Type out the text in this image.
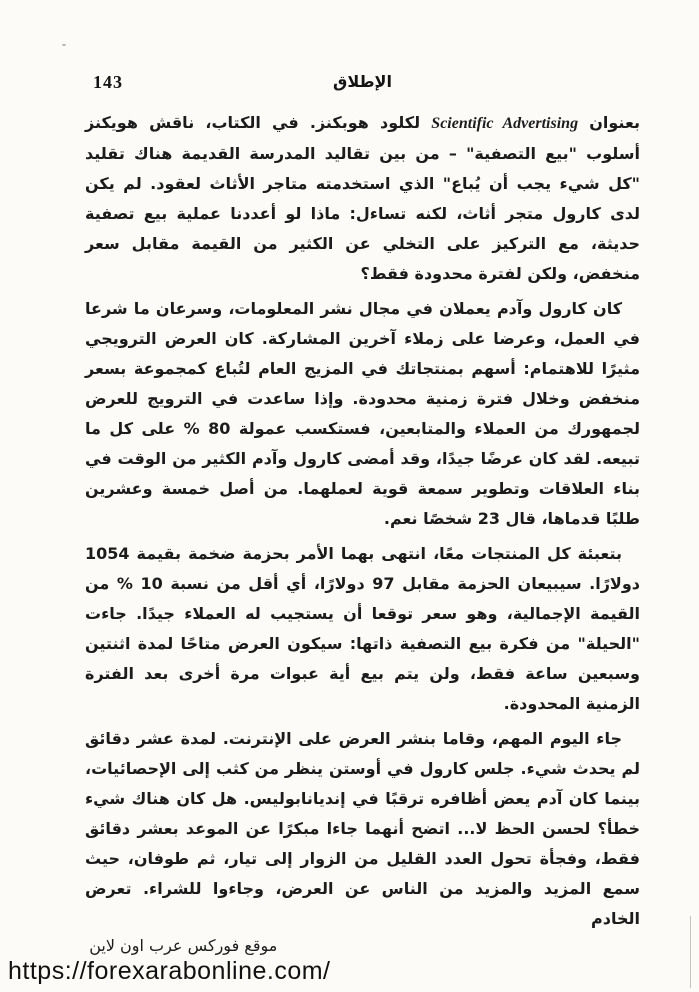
143	الإطلاق

بعنوان Scientific Advertising لكلود هوبكنز. في الكتاب، ناقش هويكنز أسلوب "بيع التصفية" – من بين تقاليد المدرسة القديمة هناك تقليد "كل شيء يجب أن يُباع" الذي استخدمته متاجر الأثاث لعقود. لم يكن لدى كارول متجر أثاث، لكنه تساءل: ماذا لو أعددنا عملية بيع تصفية حديثة، مع التركيز على التخلي عن الكثير من القيمة مقابل سعر منخفض، ولكن لفترة محدودة فقط؟

كان كارول وآدم يعملان في مجال نشر المعلومات، وسرعان ما شرعا في العمل، وعرضا على زملاء آخرين المشاركة. كان العرض الترويجي مثيرًا للاهتمام: أسهم بمنتجاتك في المزيج العام لتُباع كمجموعة بسعر منخفض وخلال فترة زمنية محدودة. وإذا ساعدت في الترويج للعرض لجمهورك من العملاء والمتابعين، فستكسب عمولة 80 % على كل ما تبيعه. لقد كان عرضًا جيدًا، وقد أمضى كارول وآدم الكثير من الوقت في بناء العلاقات وتطوير سمعة قوية لعملهما. من أصل خمسة وعشرين طلبًا قدماها، قال 23 شخصًا نعم.

بتعبئة كل المنتجات معًا، انتهى بهما الأمر بحزمة ضخمة بقيمة 1054 دولارًا. سيبيعان الحزمة مقابل 97 دولارًا، أي أقل من نسبة 10 % من القيمة الإجمالية، وهو سعر توقعا أن يستجيب له العملاء جيدًا. جاءت "الحيلة" من فكرة بيع التصفية ذاتها: سيكون العرض متاحًا لمدة اثنتين وسبعين ساعة فقط، ولن يتم بيع أية عبوات مرة أخرى بعد الفترة الزمنية المحدودة.

جاء اليوم المهم، وقاما بنشر العرض على الإنترنت. لمدة عشر دقائق لم يحدث شيء. جلس كارول في أوستن ينظر من كثب إلى الإحصائيات، بينما كان آدم يعض أظافره ترقبًا في إنديانابوليس. هل كان هناك شيء خطأ؟ لحسن الحظ لا... اتضح أنهما جاءا مبكرًا عن الموعد بعشر دقائق فقط، وفجأة تحول العدد القليل من الزوار إلى تيار، ثم طوفان، حيث سمع المزيد والمزيد من الناس عن العرض، وجاءوا للشراء. تعرض الخادم

موقع فوركس عرب اون لاين
https://forexarabonline.com/
